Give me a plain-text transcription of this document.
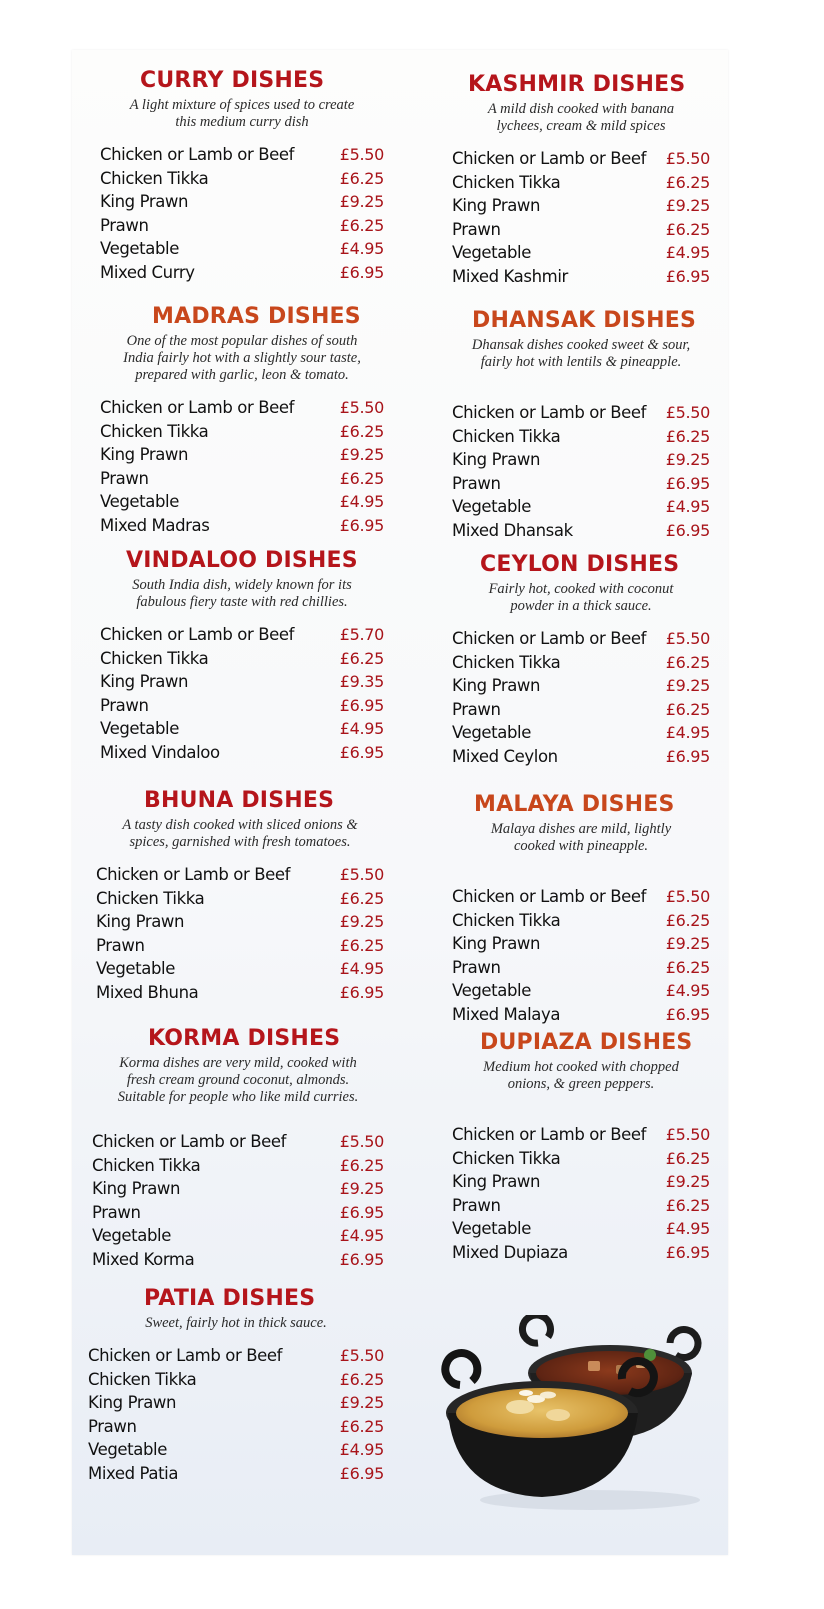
CURRY DISHES
A light mixture of spices used to create
this medium curry dish
Chicken or Lamb or Beef	£5.50
Chicken Tikka	£6.25
King Prawn	£9.25
Prawn	£6.25
Vegetable	£4.95
Mixed Curry	£6.95
MADRAS DISHES
One of the most popular dishes of south
India fairly hot with a slightly sour taste,
prepared with garlic, leon & tomato.
Chicken or Lamb or Beef	£5.50
Chicken Tikka	£6.25
King Prawn	£9.25
Prawn	£6.25
Vegetable	£4.95
Mixed Madras	£6.95
VINDALOO DISHES
South India dish, widely known for its
fabulous fiery taste with red chillies.
Chicken or Lamb or Beef	£5.70
Chicken Tikka	£6.25
King Prawn	£9.35
Prawn	£6.95
Vegetable	£4.95
Mixed Vindaloo	£6.95
BHUNA DISHES
A tasty dish cooked with sliced onions &
spices, garnished with fresh tomatoes.
Chicken or Lamb or Beef	£5.50
Chicken Tikka	£6.25
King Prawn	£9.25
Prawn	£6.25
Vegetable	£4.95
Mixed Bhuna	£6.95
KORMA DISHES
Korma dishes are very mild, cooked with
fresh cream ground coconut, almonds.
Suitable for people who like mild curries.
Chicken or Lamb or Beef	£5.50
Chicken Tikka	£6.25
King Prawn	£9.25
Prawn	£6.95
Vegetable	£4.95
Mixed Korma	£6.95
PATIA DISHES
Sweet, fairly hot in thick sauce.
Chicken or Lamb or Beef	£5.50
Chicken Tikka	£6.25
King Prawn	£9.25
Prawn	£6.25
Vegetable	£4.95
Mixed Patia	£6.95
KASHMIR DISHES
A mild dish cooked with banana
lychees, cream & mild spices
Chicken or Lamb or Beef £5.50
Chicken Tikka	£6.25
King Prawn	£9.25
Prawn	£6.25
Vegetable	£4.95
Mixed Kashmir	£6.95
DHANSAK DISHES
Dhansak dishes cooked sweet & sour,
fairly hot with lentils & pineapple.
Chicken or Lamb or Beef £5.50
Chicken Tikka	£6.25
King Prawn	£9.25
Prawn	£6.95
Vegetable	£4.95
Mixed Dhansak	£6.95
CEYLON DISHES
Fairly hot, cooked with coconut
powder in a thick sauce.
Chicken or Lamb or Beef £5.50
Chicken Tikka	£6.25
King Prawn	£9.25
Prawn	£6.25
Vegetable	£4.95
Mixed Ceylon	£6.95
MALAYA DISHES
Malaya dishes are mild, lightly
cooked with pineapple.
Chicken or Lamb or Beef £5.50
Chicken Tikka	£6.25
King Prawn	£9.25
Prawn	£6.25
Vegetable	£4.95
Mixed Malaya	£6.95
DUPIAZA DISHES
Medium hot cooked with chopped
onions, & green peppers.
Chicken or Lamb or Beef £5.50
Chicken Tikka	£6.25
King Prawn	£9.25
Prawn	£6.25
Vegetable	£4.95
Mixed Dupiaza	£6.95
